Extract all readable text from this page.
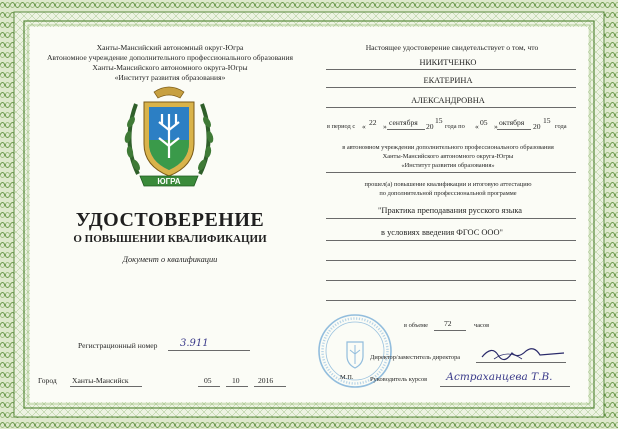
Ханты-Мансийский автономный округ-Югра
Автономное учреждение дополнительного профессионального образования
Ханты-Мансийского автономного округа-Югры
«Институт развития образования»
ЮГРА
УДОСТОВЕРЕНИЕ
О ПОВЫШЕНИИ КВАЛИФИКАЦИИ
Документ о квалификации
Регистрационный номер 3.911
Город Ханты-Мансийск	05	10 2016
Настоящее удостоверение свидетельствует о том, что
НИКИТЧЕНКО
ЕКАТЕРИНА
АЛЕКСАНДРОВНА
в период с « 22 » сентября 20
15
года по « 05 » октября 20
15
года
в автономном учреждении дополнительного профессионального образования
Ханты-Мансийского автономного округа-Югры
«Институт развития образования»
прошел(а) повышение квалификации и итоговую аттестацию
по дополнительной профессиональной программе
"Практика преподавания русского языка
в условиях введения ФГОС ООО"
в объеме 72	часов
Директор/заместитель директора
М.П.	Руководитель курсов Астраханцева Т.В.
